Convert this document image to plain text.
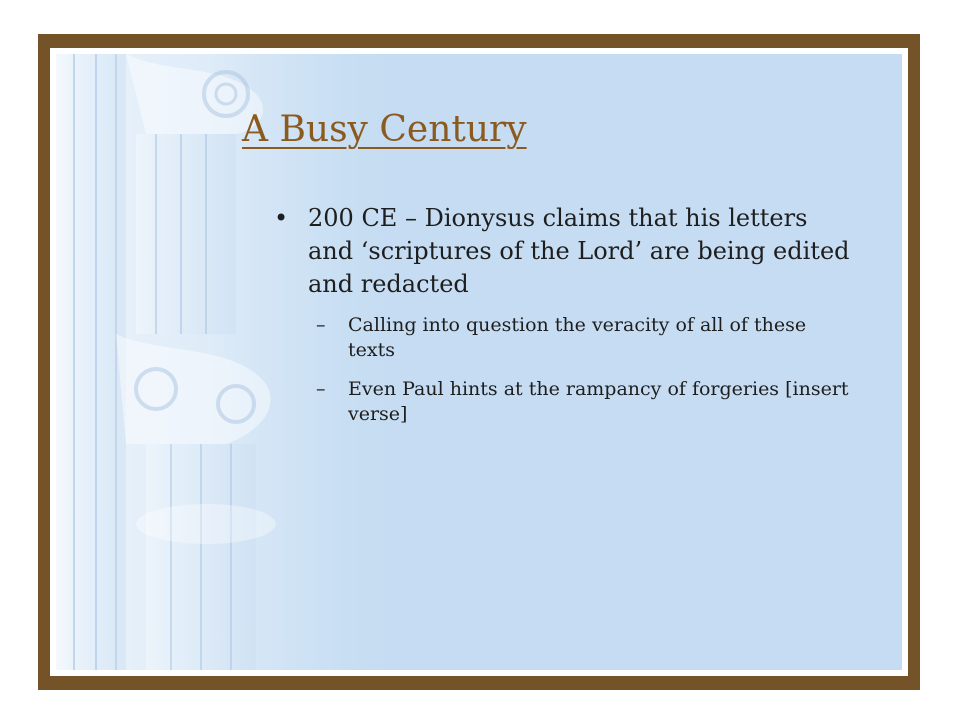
A Busy Century
• 200 CE – Dionysus claims that his letters and ‘scriptures of the Lord’ are being edited and redacted
– Calling into question the veracity of all of these texts
– Even Paul hints at the rampancy of forgeries [insert verse]
